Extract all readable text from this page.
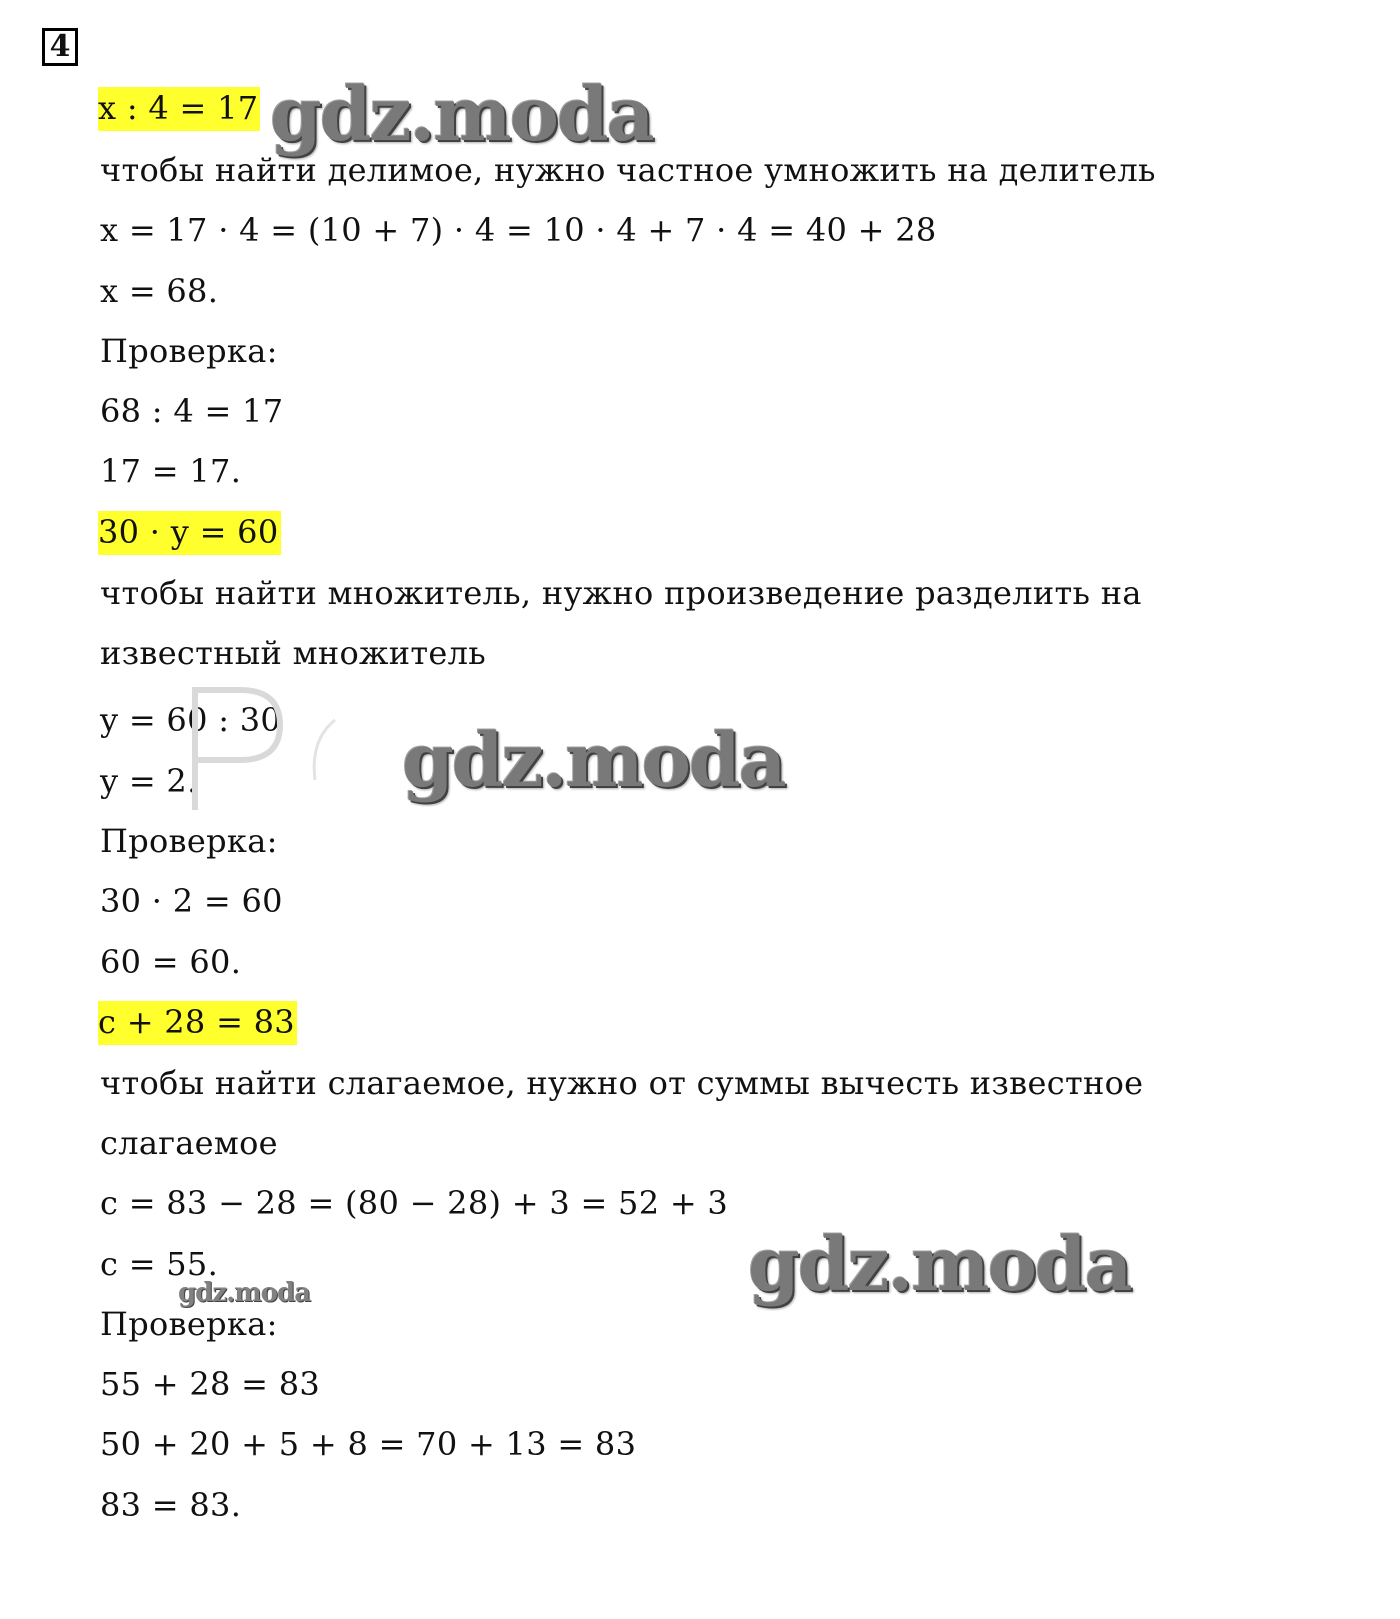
4
x : 4 = 17
чтобы найти делимое, нужно частное умножить на делитель
x = 17 · 4 = (10 + 7) · 4 = 10 · 4 + 7 · 4 = 40 + 28
x = 68.
Проверка:
68 : 4 = 17
17 = 17.
30 · y = 60
чтобы найти множитель, нужно произведение разделить на
известный множитель
y = 60 : 30
y = 2.
Проверка:
30 · 2 = 60
60 = 60.
c + 28 = 83
чтобы найти слагаемое, нужно от суммы вычесть известное
слагаемое
c = 83 − 28 = (80 − 28) + 3 = 52 + 3
c = 55.
Проверка:
55 + 28 = 83
50 + 20 + 5 + 8 = 70 + 13 = 83
83 = 83.
gdz.moda
gdz.moda
gdz.moda
gdz.moda
